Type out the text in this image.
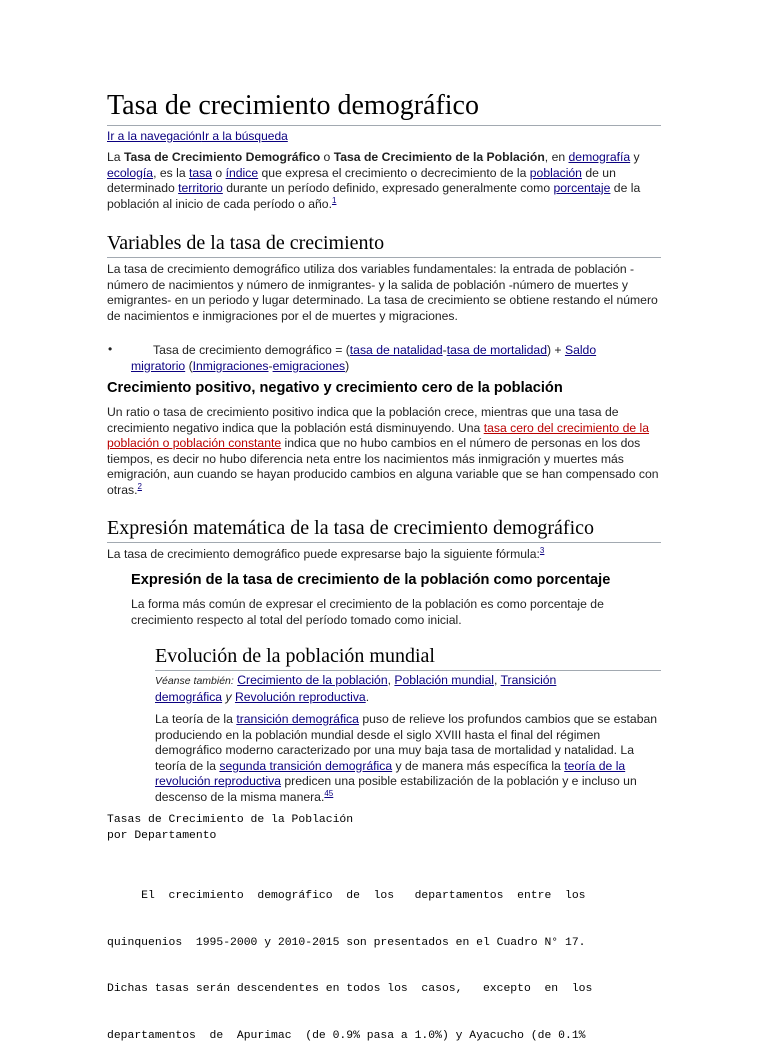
Tasa de crecimiento demográfico
Ir a la navegaciónIr a la búsqueda

La Tasa de Crecimiento Demográfico o Tasa de Crecimiento de la Población, en demografía y ecología, es la tasa o índice que expresa el crecimiento o decrecimiento de la población de un determinado territorio durante un período definido, expresado generalmente como porcentaje de la población al inicio de cada período o año.$^1$

Variables de la tasa de crecimiento

La tasa de crecimiento demográfico utiliza dos variables fundamentales: la entrada de población -número de nacimientos y número de inmigrantes- y la salida de población -número de muertes y emigrantes- en un periodo y lugar determinado. La tasa de crecimiento se obtiene restando el número de nacimientos e inmigraciones por el de muertes y migraciones.

•	Tasa de crecimiento demográfico = (tasa de natalidad-tasa de mortalidad) + Saldo migratorio (Inmigraciones-emigraciones)

Crecimiento positivo, negativo y crecimiento cero de la población

Un ratio o tasa de crecimiento positivo indica que la población crece, mientras que una tasa de crecimiento negativo indica que la población está disminuyendo. Una tasa cero del crecimiento de la población o población constante indica que no hubo cambios en el número de personas en los dos tiempos, es decir no hubo diferencia neta entre los nacimientos más inmigración y muertes más emigración, aun cuando se hayan producido cambios en alguna variable que se han compensado con otras.$^2$

Expresión matemática de la tasa de crecimiento demográfico

La tasa de crecimiento demográfico puede expresarse bajo la siguiente fórmula:$^3$

Expresión de la tasa de crecimiento de la población como porcentaje

La forma más común de expresar el crecimiento de la población es como porcentaje de crecimiento respecto al total del período tomado como inicial.

Evolución de la población mundial

Véanse también: Crecimiento de la población, Población mundial, Transición demográfica y Revolución reproductiva.

La teoría de la transición demográfica puso de relieve los profundos cambios que se estaban produciendo en la población mundial desde el siglo XVIII hasta el final del régimen demográfico moderno caracterizado por una muy baja tasa de mortalidad y natalidad. La teoría de la segunda transición demográfica y de manera más específica la teoría de la revolución reproductiva predicen una posible estabilización de la población y e incluso un descenso de la misma manera.$^{45}$

Tasas de Crecimiento de la Población
por Departamento

El  crecimiento  demográfico  de  los   departamentos  entre  los

quinquenios  1995-2000 y 2010-2015 son presentados en el Cuadro N° 17.

Dichas tasas serán descendentes en todos los  casos,   excepto  en  los

departamentos  de  Apurimac  (de 0.9% pasa a 1.0%) y Ayacucho (de 0.1%
